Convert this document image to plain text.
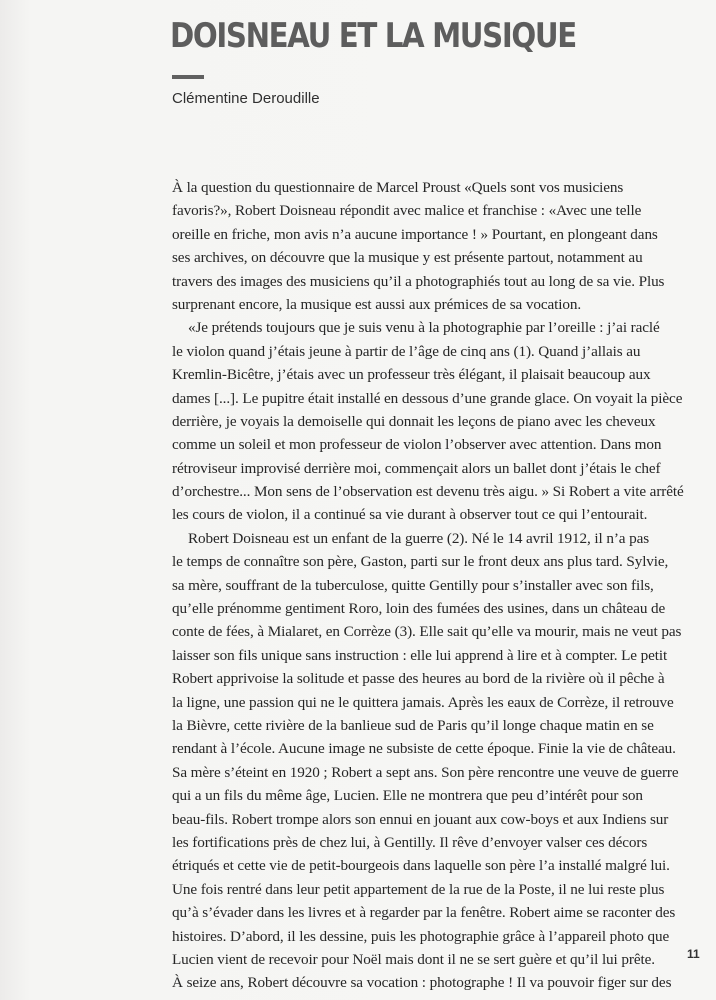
DOISNEAU ET LA MUSIQUE
Clémentine Deroudille
À la question du questionnaire de Marcel Proust «Quels sont vos musiciens
favoris?», Robert Doisneau répondit avec malice et franchise : «Avec une telle
oreille en friche, mon avis n’a aucune importance ! » Pourtant, en plongeant dans
ses archives, on découvre que la musique y est présente partout, notamment au
travers des images des musiciens qu’il a photographiés tout au long de sa vie. Plus
surprenant encore, la musique est aussi aux prémices de sa vocation.
«Je prétends toujours que je suis venu à la photographie par l’oreille : j’ai raclé
le violon quand j’étais jeune à partir de l’âge de cinq ans (1). Quand j’allais au
Kremlin-Bicêtre, j’étais avec un professeur très élégant, il plaisait beaucoup aux
dames [...]. Le pupitre était installé en dessous d’une grande glace. On voyait la pièce
derrière, je voyais la demoiselle qui donnait les leçons de piano avec les cheveux
comme un soleil et mon professeur de violon l’observer avec attention. Dans mon
rétroviseur improvisé derrière moi, commençait alors un ballet dont j’étais le chef
d’orchestre... Mon sens de l’observation est devenu très aigu. » Si Robert a vite arrêté
les cours de violon, il a continué sa vie durant à observer tout ce qui l’entourait.
Robert Doisneau est un enfant de la guerre (2). Né le 14 avril 1912, il n’a pas
le temps de connaître son père, Gaston, parti sur le front deux ans plus tard. Sylvie,
sa mère, souffrant de la tuberculose, quitte Gentilly pour s’installer avec son fils,
qu’elle prénomme gentiment Roro, loin des fumées des usines, dans un château de
conte de fées, à Mialaret, en Corrèze (3). Elle sait qu’elle va mourir, mais ne veut pas
laisser son fils unique sans instruction : elle lui apprend à lire et à compter. Le petit
Robert apprivoise la solitude et passe des heures au bord de la rivière où il pêche à
la ligne, une passion qui ne le quittera jamais. Après les eaux de Corrèze, il retrouve
la Bièvre, cette rivière de la banlieue sud de Paris qu’il longe chaque matin en se
rendant à l’école. Aucune image ne subsiste de cette époque. Finie la vie de château.
Sa mère s’éteint en 1920 ; Robert a sept ans. Son père rencontre une veuve de guerre
qui a un fils du même âge, Lucien. Elle ne montrera que peu d’intérêt pour son
beau-fils. Robert trompe alors son ennui en jouant aux cow-boys et aux Indiens sur
les fortifications près de chez lui, à Gentilly. Il rêve d’envoyer valser ces décors
étriqués et cette vie de petit-bourgeois dans laquelle son père l’a installé malgré lui.
Une fois rentré dans leur petit appartement de la rue de la Poste, il ne lui reste plus
qu’à s’évader dans les livres et à regarder par la fenêtre. Robert aime se raconter des
histoires. D’abord, il les dessine, puis les photographie grâce à l’appareil photo que
Lucien vient de recevoir pour Noël mais dont il ne se sert guère et qu’il lui prête.
À seize ans, Robert découvre sa vocation : photographe ! Il va pouvoir figer sur des
11
